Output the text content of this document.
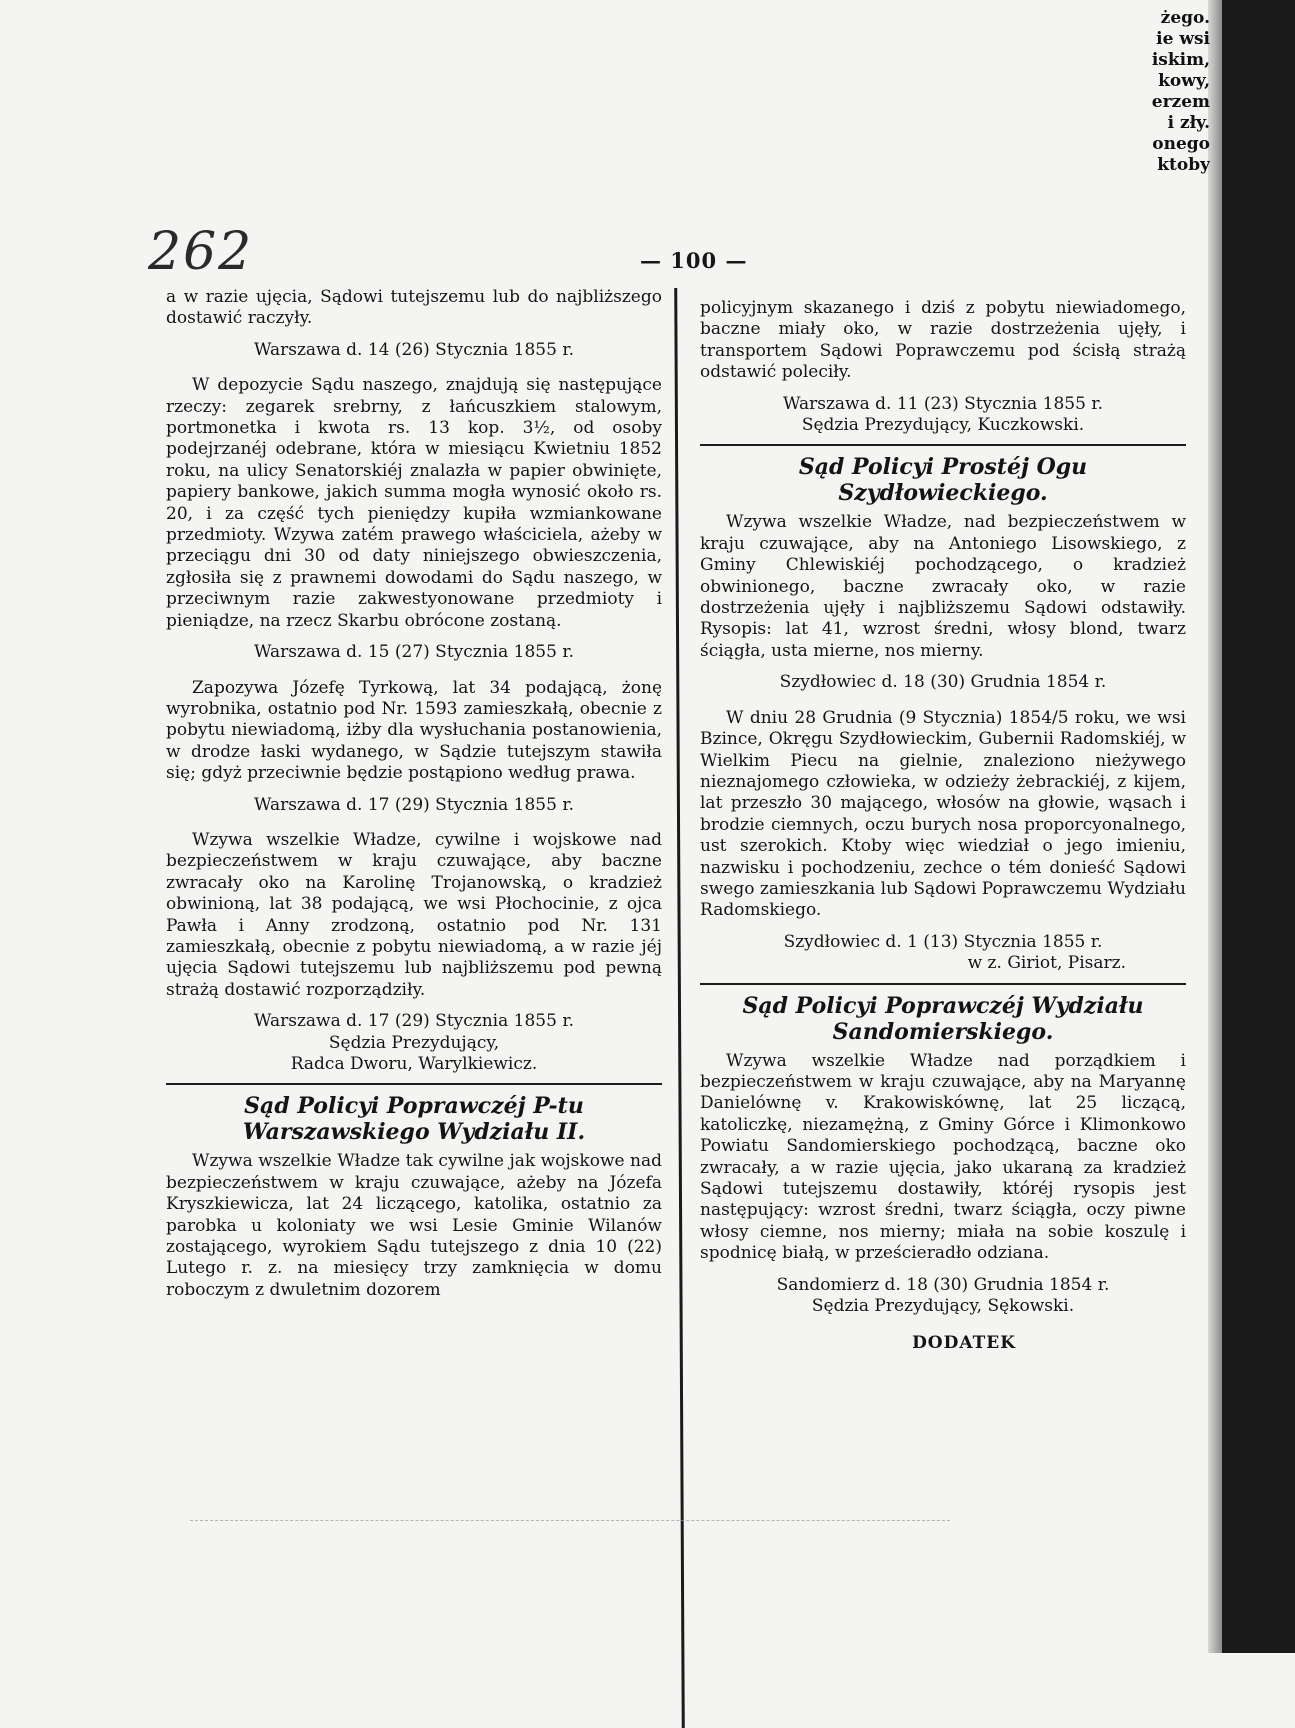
żego.
ie wsi
iskim,
kowy,
erzem
i zły.
onego
ktoby
262	— 100 —

a w razie ujęcia, Sądowi tutejszemu lub do najbliższego dostawić raczyły.

Warszawa d. 14 (26) Stycznia 1855 r.

W depozycie Sądu naszego, znajdują się następujące rzeczy: zegarek srebrny, z łańcuszkiem stalowym, portmonetka i kwota rs. 13 kop. 3½, od osoby podejrzanéj odebrane, która w miesiącu Kwietniu 1852 roku, na ulicy Senatorskiéj znalazła w papier obwinięte, papiery bankowe, jakich summa mogła wynosić około rs. 20, i za część tych pieniędzy kupiła wzmiankowane przedmioty. Wzywa zatém prawego właściciela, ażeby w przeciągu dni 30 od daty niniejszego obwieszczenia, zgłosiła się z prawnemi dowodami do Sądu naszego, w przeciwnym razie zakwestyonowane przedmioty i pieniądze, na rzecz Skarbu obrócone zostaną.

Warszawa d. 15 (27) Stycznia 1855 r.

Zapozywa Józefę Tyrkową, lat 34 podającą, żonę wyrobnika, ostatnio pod Nr. 1593 zamieszkałą, obecnie z pobytu niewiadomą, iżby dla wysłuchania postanowienia, w drodze łaski wydanego, w Sądzie tutejszym stawiła się; gdyż przeciwnie będzie postąpiono według prawa.

Warszawa d. 17 (29) Stycznia 1855 r.

Wzywa wszelkie Władze, cywilne i wojskowe nad bezpieczeństwem w kraju czuwające, aby baczne zwracały oko na Karolinę Trojanowską, o kradzież obwinioną, lat 38 podającą, we wsi Płochocinie, z ojca Pawła i Anny zrodzoną, ostatnio pod Nr. 131 zamieszkałą, obecnie z pobytu niewiadomą, a w razie jéj ujęcia Sądowi tutejszemu lub najbliższemu pod pewną strażą dostawić rozporządziły.

Warszawa d. 17 (29) Stycznia 1855 r.

Sędzia Prezydujący,

Radca Dworu, Warylkiewicz.

Sąd Policyi Poprawczéj P-tu Warszawskiego Wydziału II.

Wzywa wszelkie Władze tak cywilne jak wojskowe nad bezpieczeństwem w kraju czuwające, ażeby na Józefa Kryszkiewicza, lat 24 liczącego, katolika, ostatnio za parobka u koloniaty we wsi Lesie Gminie Wilanów zostającego, wyrokiem Sądu tutejszego z dnia 10 (22) Lutego r. z. na miesięcy trzy zamknięcia w domu roboczym z dwuletnim dozorem

policyjnym skazanego i dziś z pobytu niewiadomego, baczne miały oko, w razie dostrzeżenia ujęły, i transportem Sądowi Poprawczemu pod ścisłą strażą odstawić poleciły.

Warszawa d. 11 (23) Stycznia 1855 r.

Sędzia Prezydujący, Kuczkowski.

Sąd Policyi Prostéj Ogu Szydłowieckiego.

Wzywa wszelkie Władze, nad bezpieczeństwem w kraju czuwające, aby na Antoniego Lisowskiego, z Gminy Chlewiskiéj pochodzącego, o kradzież obwinionego, baczne zwracały oko, w razie dostrzeżenia ujęły i najbliższemu Sądowi odstawiły. Rysopis: lat 41, wzrost średni, włosy blond, twarz ściągła, usta mierne, nos mierny.

Szydłowiec d. 18 (30) Grudnia 1854 r.

W dniu 28 Grudnia (9 Stycznia) 1854/5 roku, we wsi Bzince, Okręgu Szydłowieckim, Gubernii Radomskiéj, w Wielkim Piecu na gielnie, znaleziono nieżywego nieznajomego człowieka, w odzieży żebrackiéj, z kijem, lat przeszło 30 mającego, włosów na głowie, wąsach i brodzie ciemnych, oczu burych nosa proporcyonalnego, ust szerokich. Ktoby więc wiedział o jego imieniu, nazwisku i pochodzeniu, zechce o tém donieść Sądowi swego zamieszkania lub Sądowi Poprawczemu Wydziału Radomskiego.

Szydłowiec d. 1 (13) Stycznia 1855 r.

w z. Giriot, Pisarz.

Sąd Policyi Poprawczéj Wydziału Sandomierskiego.

Wzywa wszelkie Władze nad porządkiem i bezpieczeństwem w kraju czuwające, aby na Maryannę Danielównę v. Krakowiskównę, lat 25 liczącą, katoliczkę, niezamężną, z Gminy Górce i Klimonkowo Powiatu Sandomierskiego pochodzącą, baczne oko zwracały, a w razie ujęcia, jako ukaraną za kradzież Sądowi tutejszemu dostawiły, któréj rysopis jest następujący: wzrost średni, twarz ściągła, oczy piwne włosy ciemne, nos mierny; miała na sobie koszulę i spodnicę białą, w prześcieradło odziana.

Sandomierz d. 18 (30) Grudnia 1854 r.

Sędzia Prezydujący, Sękowski.

DODATEK
